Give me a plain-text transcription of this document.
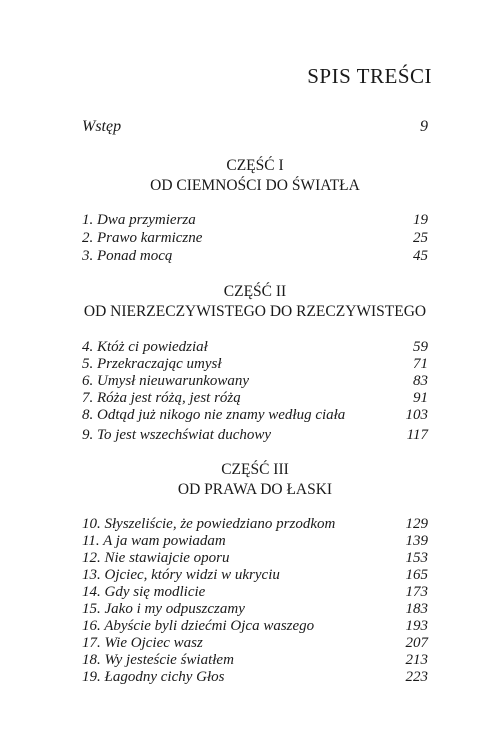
SPIS TREŚCI
Wstęp	9
CZĘŚĆ I
OD CIEMNOŚCI DO ŚWIATŁA
1. Dwa przymierza	19
2. Prawo karmiczne	25
3. Ponad mocą	45
CZĘŚĆ II
OD NIERZECZYWISTEGO DO RZECZYWISTEGO
4. Któż ci powiedział	59
5. Przekraczając umysł	71
6. Umysł nieuwarunkowany	83
7. Róża jest różą, jest różą	91
8. Odtąd już nikogo nie znamy według ciała	103
9. To jest wszechświat duchowy	117
CZĘŚĆ III
OD PRAWA DO ŁASKI
10. Słyszeliście, że powiedziano przodkom	129
11. A ja wam powiadam	139
12. Nie stawiajcie oporu	153
13. Ojciec, który widzi w ukryciu	165
14. Gdy się modlicie	173
15. Jako i my odpuszczamy	183
16. Abyście byli dziećmi Ojca waszego	193
17. Wie Ojciec wasz	207
18. Wy jesteście światłem	213
19. Łagodny cichy Głos	223
